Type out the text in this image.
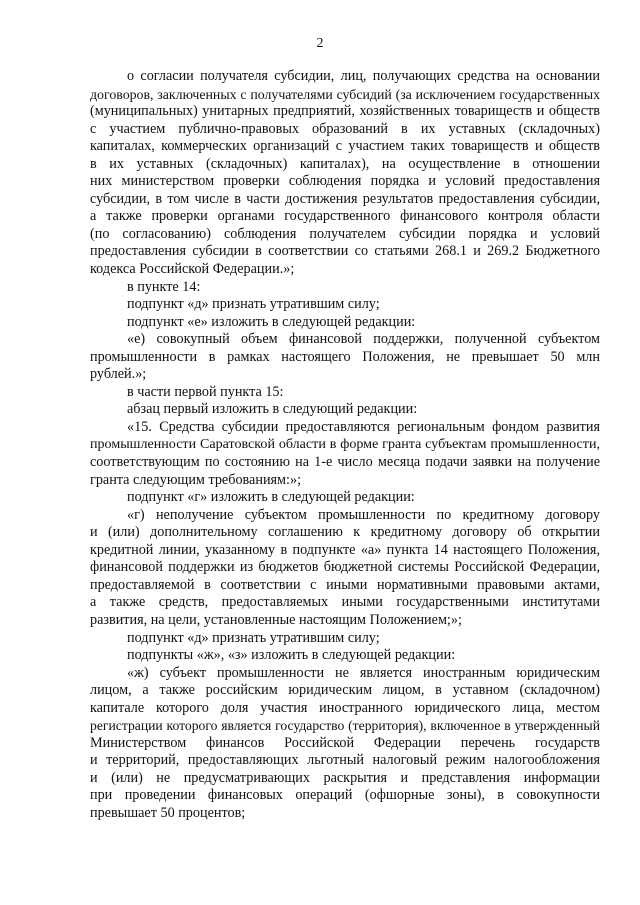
2

о согласии получателя субсидии, лиц, получающих средства на основании

договоров, заключенных с получателями субсидий (за исключением государственных

(муниципальных) унитарных предприятий, хозяйственных товариществ и обществ

с участием публично-правовых образований в их уставных (складочных)

капиталах, коммерческих организаций с участием таких товариществ и обществ

в их уставных (складочных) капиталах), на осуществление в отношении

них министерством проверки соблюдения порядка и условий предоставления

субсидии, в том числе в части достижения результатов предоставления субсидии,

а также проверки органами государственного финансового контроля области

(по согласованию) соблюдения получателем субсидии порядка и условий

предоставления субсидии в соответствии со статьями 268.1 и 269.2 Бюджетного

кодекса Российской Федерации.»;

в пункте 14:

подпункт «д» признать утратившим силу;

подпункт «е» изложить в следующей редакции:

«е) совокупный объем финансовой поддержки, полученной субъектом

промышленности в рамках настоящего Положения, не превышает 50 млн

рублей.»;

в части первой пункта 15:

абзац первый изложить в следующий редакции:

«15. Средства субсидии предоставляются региональным фондом развития

промышленности Саратовской области в форме гранта субъектам промышленности,

соответствующим по состоянию на 1-е число месяца подачи заявки на получение

гранта следующим требованиям:»;

подпункт «г» изложить в следующей редакции:

«г) неполучение субъектом промышленности по кредитному договору

и (или) дополнительному соглашению к кредитному договору об открытии

кредитной линии, указанному в подпункте «а» пункта 14 настоящего Положения,

финансовой поддержки из бюджетов бюджетной системы Российской Федерации,

предоставляемой в соответствии с иными нормативными правовыми актами,

а также средств, предоставляемых иными государственными институтами

развития, на цели, установленные настоящим Положением;»;

подпункт «д» признать утратившим силу;

подпункты «ж», «з» изложить в следующей редакции:

«ж) субъект промышленности не является иностранным юридическим

лицом, а также российским юридическим лицом, в уставном (складочном)

капитале которого доля участия иностранного юридического лица, местом

регистрации которого является государство (территория), включенное в утвержденный

Министерством финансов Российской Федерации перечень государств

и территорий, предоставляющих льготный налоговый режим налогообложения

и (или) не предусматривающих раскрытия и представления информации

при проведении финансовых операций (офшорные зоны), в совокупности

превышает 50 процентов;
